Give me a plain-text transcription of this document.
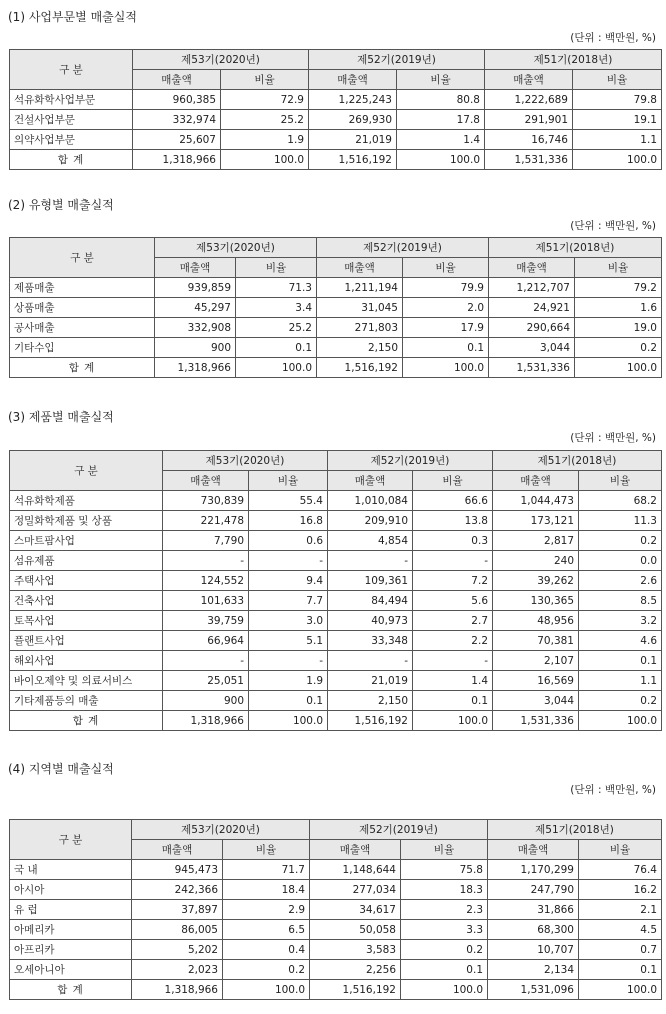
(1) 사업부문별 매출실적
(단위 : 백만원, %)
구 분	제53기(2020년)		제52기(2019년)		제51기(2018년)	
	매출액	비율	매출액	비율	매출액	비율
석유화학사업부문	960,385	72.9	1,225,243	80.8	1,222,689	79.8
건설사업부문	332,974	25.2	269,930	17.8	291,901	19.1
의약사업부문	25,607	1.9	21,019	1.4	16,746	1.1
합 계	1,318,966	100.0	1,516,192	100.0	1,531,336	100.0
(2) 유형별 매출실적
(단위 : 백만원, %)
구 분	제53기(2020년)		제52기(2019년)		제51기(2018년)	
	매출액	비율	매출액	비율	매출액	비율
제품매출	939,859	71.3	1,211,194	79.9	1,212,707	79.2
상품매출	45,297	3.4	31,045	2.0	24,921	1.6
공사매출	332,908	25.2	271,803	17.9	290,664	19.0
기타수입	900	0.1	2,150	0.1	3,044	0.2
합 계	1,318,966	100.0	1,516,192	100.0	1,531,336	100.0
(3) 제품별 매출실적
(단위 : 백만원, %)
구 분	제53기(2020년)		제52기(2019년)		제51기(2018년)	
	매출액	비율	매출액	비율	매출액	비율
석유화학제품	730,839	55.4	1,010,084	66.6	1,044,473	68.2
정밀화학제품 및 상품	221,478	16.8	209,910	13.8	173,121	11.3
스마트팜사업	7,790	0.6	4,854	0.3	2,817	0.2
섬유제품	-	-	-	-	240	0.0
주택사업	124,552	9.4	109,361	7.2	39,262	2.6
건축사업	101,633	7.7	84,494	5.6	130,365	8.5
토목사업	39,759	3.0	40,973	2.7	48,956	3.2
플랜트사업	66,964	5.1	33,348	2.2	70,381	4.6
해외사업	-	-	-	-	2,107	0.1
바이오제약 및 의료서비스	25,051	1.9	21,019	1.4	16,569	1.1
기타제품등의 매출	900	0.1	2,150	0.1	3,044	0.2
합 계	1,318,966	100.0	1,516,192	100.0	1,531,336	100.0
(4) 지역별 매출실적
(단위 : 백만원, %)
구 분	제53기(2020년)		제52기(2019년)		제51기(2018년)	
	매출액	비율	매출액	비율	매출액	비율
국 내	945,473	71.7	1,148,644	75.8	1,170,299	76.4
아시아	242,366	18.4	277,034	18.3	247,790	16.2
유 럽	37,897	2.9	34,617	2.3	31,866	2.1
아메리카	86,005	6.5	50,058	3.3	68,300	4.5
아프리카	5,202	0.4	3,583	0.2	10,707	0.7
오세아니아	2,023	0.2	2,256	0.1	2,134	0.1
합 계	1,318,966	100.0	1,516,192	100.0	1,531,096	100.0
